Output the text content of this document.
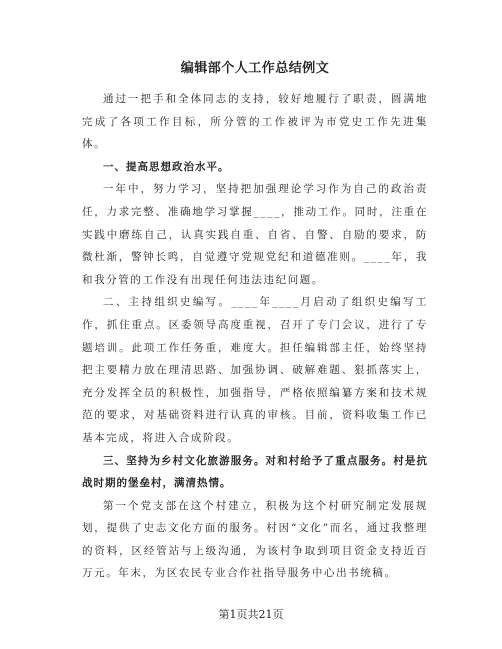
编辑部个人工作总结例文

通过一把手和全体同志的支持，较好地履行了职责，圆满地完成了各项工作目标，所分管的工作被评为市党史工作先进集体。

一、提高思想政治水平。

一年中，努力学习，坚持把加强理论学习作为自己的政治责任，力求完整、准确地学习掌握____，推动工作。同时，注重在实践中磨练自己，认真实践自重、自省、自警、自励的要求，防微杜渐，警钟长鸣，自觉遵守党规党纪和道德准则。____年，我和我分管的工作没有出现任何违法违纪问题。

二、主持组织史编写。____年____月启动了组织史编写工作，抓住重点。区委领导高度重视，召开了专门会议，进行了专题培训。此项工作任务重，难度大。担任编辑部主任，始终坚持把主要精力放在理清思路、加强协调、破解难题、狠抓落实上，充分发挥全员的积极性，加强指导，严格依照编纂方案和技术规范的要求，对基础资料进行认真的审核。目前，资料收集工作已基本完成，将进入合成阶段。

三、坚持为乡村文化旅游服务。对和村给予了重点服务。村是抗战时期的堡垒村，满清热情。

第一个党支部在这个村建立，积极为这个村研究制定发展规划，提供了史志文化方面的服务。村因“文化”而名，通过我整理的资料，区经管站与上级沟通，为该村争取到项目资金支持近百万元。年末，为区农民专业合作社指导服务中心出书统稿。

第1页共21页
